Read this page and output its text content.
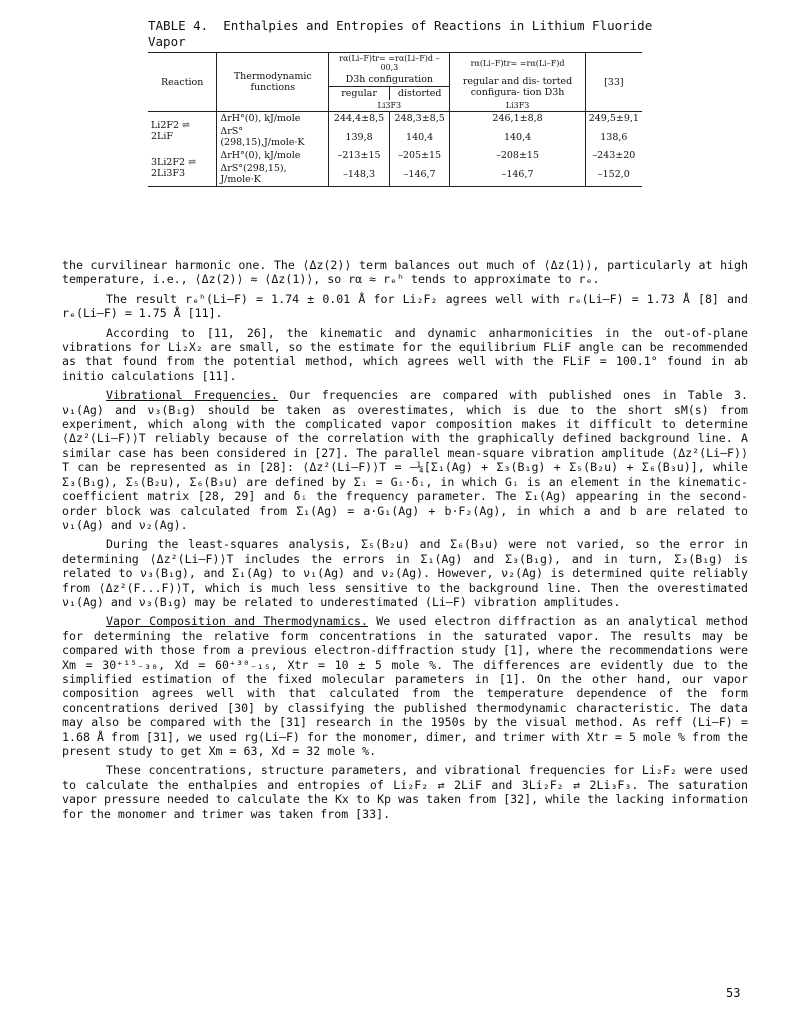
TABLE 4.  Enthalpies and Entropies of Reactions in Lithium Fluoride
Vapor
Reaction	Thermodynamic functions	rα(Li–F)tr= =rα(Li–F)d – 00,3		rα(Li–F)tr= =rα(Li–F)d	[33]
		D3h configuration		regular and dis- torted configura- tion D3h	
		regular	distorted		
		Li3F3		Li3F3	
Li2F2 ⇌ 2LiF	ΔrH°(0), kJ/mole	244,4±8,5	248,3±8,5	246,1±8,8	249,5±9,1
	ΔrS°(298,15),J/mole·K	139,8	140,4	140,4	138,6
3Li2F2 ⇌ 2Li3F3	ΔrH°(0), kJ/mole	–213±15	–205±15	–208±15	–243±20
	ΔrS°(298,15), J/mole·K	–148,3	–146,7	–146,7	–152,0

the curvilinear harmonic one. The ⟨Δz(2)⟩ term balances out much of ⟨Δz(1)⟩, particularly at high temperature, i.e., ⟨Δz(2)⟩ ≈ ⟨Δz(1)⟩, so rα ≈ rₑʰ tends to approximate to rₑ.

The result rₑʰ(Li–F) = 1.74 ± 0.01 Å for Li₂F₂ agrees well with rₑ(Li–F) = 1.73 Å [8] and rₑ(Li–F) = 1.75 Å [11].

According to [11, 26], the kinematic and dynamic anharmonicities in the out-of-plane vibrations for Li₂X₂ are small, so the estimate for the equilibrium FLiF angle can be recommended as that found from the potential method, which agrees well with the FLiF = 100.1° found in ab initio calculations [11].

Vibrational Frequencies. Our frequencies are compared with published ones in Table 3. ν₁(Ag) and ν₃(B₁g) should be taken as overestimates, which is due to the short sM(s) from experiment, which along with the complicated vapor composition makes it difficult to determine ⟨Δz²(Li–F)⟩T reliably because of the correlation with the graphically defined background line. A similar case has been considered in [27]. The parallel mean-square vibration amplitude ⟨Δz²(Li–F)⟩T can be represented as in [28]: ⟨Δz²(Li–F)⟩T = –¼[Σ₁(Ag) + Σ₃(B₁g) + Σ₅(B₂u) + Σ₆(B₃u)], while Σ₃(B₁g), Σ₅(B₂u), Σ₆(B₃u) are defined by Σᵢ = Gᵢ·δᵢ, in which Gᵢ is an element in the kinematic-coefficient matrix [28, 29] and δᵢ the frequency parameter. The Σ₁(Ag) appearing in the second-order block was calculated from Σ₁(Ag) = a·G₁(Ag) + b·F₂(Ag), in which a and b are related to ν₁(Ag) and ν₂(Ag).

During the least-squares analysis, Σ₅(B₂u) and Σ₆(B₃u) were not varied, so the error in determining ⟨Δz²(Li–F)⟩T includes the errors in Σ₁(Ag) and Σ₃(B₁g), and in turn, Σ₃(B₁g) is related to ν₃(B₁g), and Σ₁(Ag) to ν₁(Ag) and ν₂(Ag). However, ν₂(Ag) is determined quite reliably from ⟨Δz²(F...F)⟩T, which is much less sensitive to the background line. Then the overestimated ν₁(Ag) and ν₃(B₁g) may be related to underestimated (Li–F) vibration amplitudes.

Vapor Composition and Thermodynamics. We used electron diffraction as an analytical method for determining the relative form concentrations in the saturated vapor. The results may be compared with those from a previous electron-diffraction study [1], where the recommendations were Xm = 30⁺¹⁵₋₃₀, Xd = 60⁺³⁰₋₁₅, Xtr = 10 ± 5 mole %. The differences are evidently due to the simplified estimation of the fixed molecular parameters in [1]. On the other hand, our vapor composition agrees well with that calculated from the temperature dependence of the form concentrations derived [30] by classifying the published thermodynamic characteristic. The data may also be compared with the [31] research in the 1950s by the visual method. As reff (Li–F) = 1.68 Å from [31], we used rg(Li–F) for the monomer, dimer, and trimer with Xtr = 5 mole % from the present study to get Xm = 63, Xd = 32 mole %.

These concentrations, structure parameters, and vibrational frequencies for Li₂F₂ were used to calculate the enthalpies and entropies of Li₂F₂ ⇄ 2LiF and 3Li₂F₂ ⇄ 2Li₃F₃. The saturation vapor pressure needed to calculate the Kx to Kp was taken from [32], while the lacking information for the monomer and trimer was taken from [33].

53
